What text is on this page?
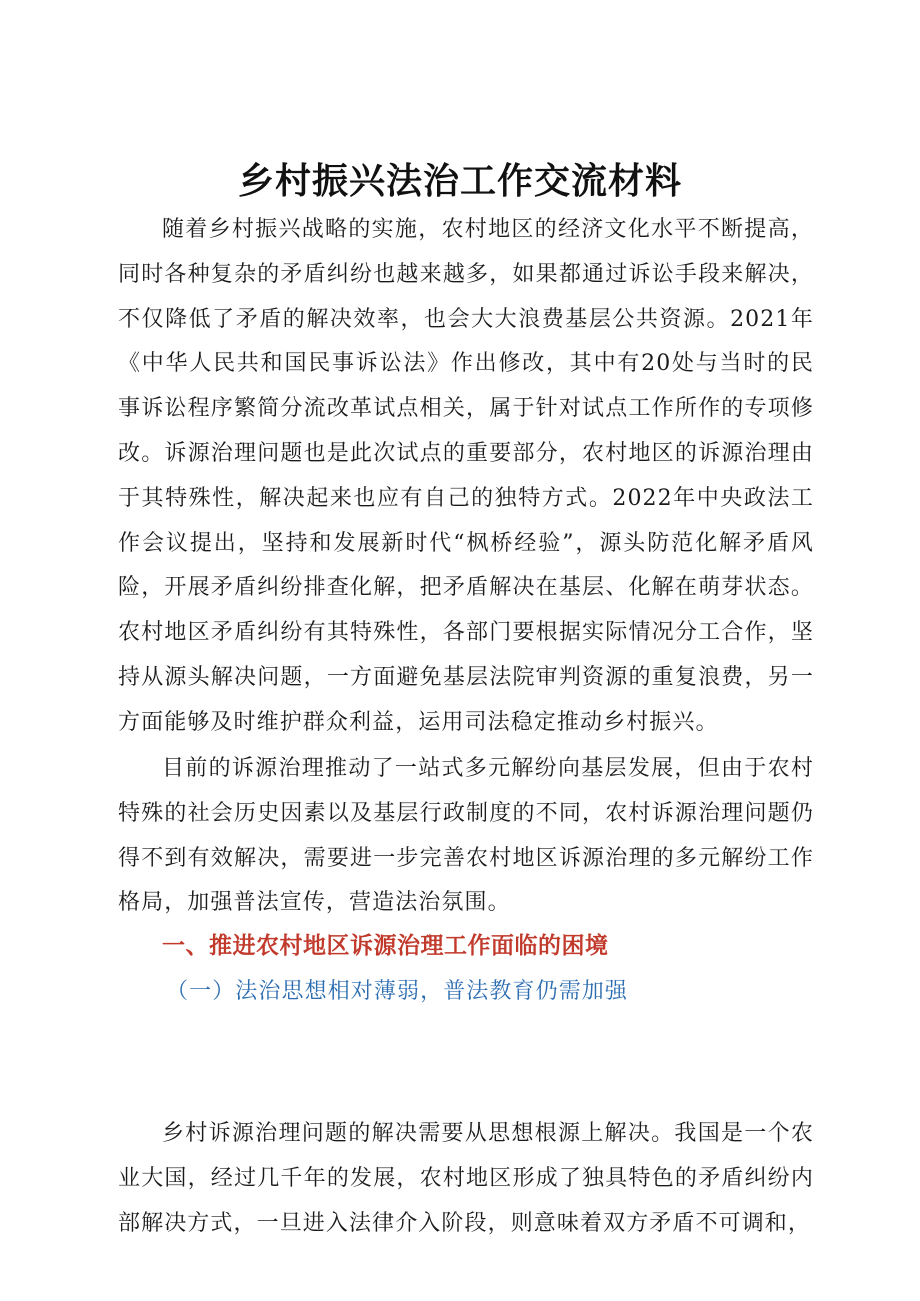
乡村振兴法治工作交流材料

随着乡村振兴战略的实施，农村地区的经济文化水平不断提高，同时各种复杂的矛盾纠纷也越来越多，如果都通过诉讼手段来解决，不仅降低了矛盾的解决效率，也会大大浪费基层公共资源。2021年《中华人民共和国民事诉讼法》作出修改，其中有20处与当时的民事诉讼程序繁简分流改革试点相关，属于针对试点工作所作的专项修改。诉源治理问题也是此次试点的重要部分，农村地区的诉源治理由于其特殊性，解决起来也应有自己的独特方式。2022年中央政法工作会议提出，坚持和发展新时代“枫桥经验”，源头防范化解矛盾风险，开展矛盾纠纷排查化解，把矛盾解决在基层、化解在萌芽状态。农村地区矛盾纠纷有其特殊性，各部门要根据实际情况分工合作，坚持从源头解决问题，一方面避免基层法院审判资源的重复浪费，另一方面能够及时维护群众利益，运用司法稳定推动乡村振兴。

目前的诉源治理推动了一站式多元解纷向基层发展，但由于农村特殊的社会历史因素以及基层行政制度的不同，农村诉源治理问题仍得不到有效解决，需要进一步完善农村地区诉源治理的多元解纷工作格局，加强普法宣传，营造法治氛围。

一、推进农村地区诉源治理工作面临的困境
（一）法治思想相对薄弱，普法教育仍需加强

乡村诉源治理问题的解决需要从思想根源上解决。我国是一个农业大国，经过几千年的发展，农村地区形成了独具特色的矛盾纠纷内部解决方式，一旦进入法律介入阶段，则意味着双方矛盾不可调和，
